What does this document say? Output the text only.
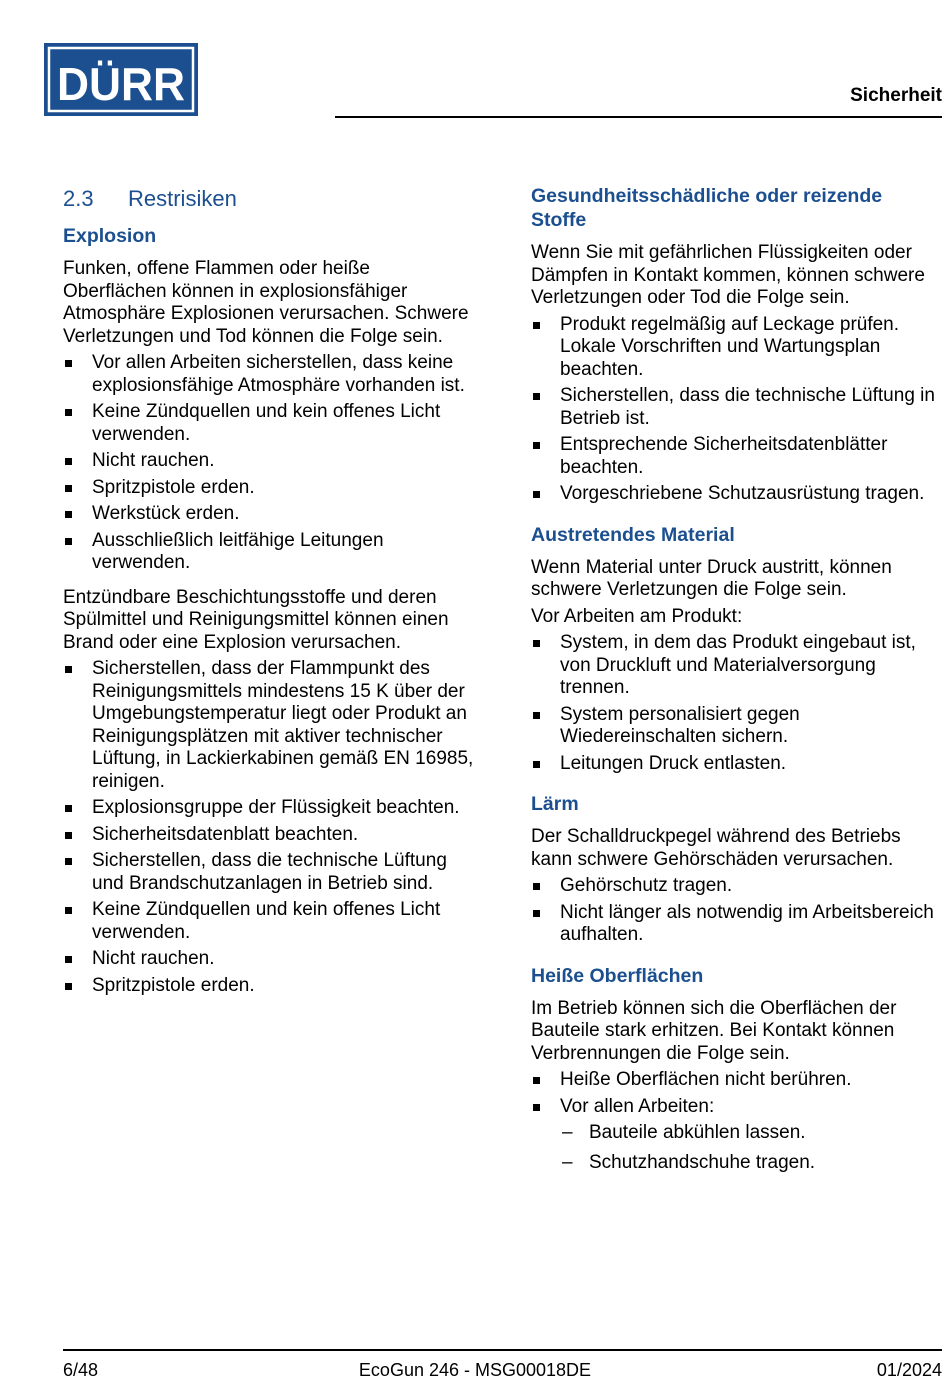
DÜRR	Sicherheit
2.3 Restrisiken
Explosion

Funken, offene Flammen oder heiße Oberflächen können in explosionsfähiger Atmosphäre Explosionen verursachen. Schwere Verletzungen und Tod können die Folge sein.

Vor allen Arbeiten sicherstellen, dass keine explosionsfähige Atmosphäre vorhanden ist.
Keine Zündquellen und kein offenes Licht verwenden.
Nicht rauchen.
Spritzpistole erden.
Werkstück erden.
Ausschließlich leitfähige Leitungen verwenden.

Entzündbare Beschichtungsstoffe und deren Spülmittel und Reinigungsmittel können einen Brand oder eine Explosion verursachen.

Sicherstellen, dass der Flammpunkt des Reinigungsmittels mindestens 15 K über der Umgebungstemperatur liegt oder Produkt an Reinigungsplätzen mit aktiver technischer Lüftung, in Lackierkabinen gemäß EN 16985, reinigen.
Explosionsgruppe der Flüssigkeit beachten.
Sicherheitsdatenblatt beachten.
Sicherstellen, dass die technische Lüftung und Brandschutzanlagen in Betrieb sind.
Keine Zündquellen und kein offenes Licht verwenden.
Nicht rauchen.
Spritzpistole erden.
Gesundheitsschädliche oder reizende Stoffe

Wenn Sie mit gefährlichen Flüssigkeiten oder Dämpfen in Kontakt kommen, können schwere Verletzungen oder Tod die Folge sein.

Produkt regelmäßig auf Leckage prüfen. Lokale Vorschriften und Wartungsplan beachten.
Sicherstellen, dass die technische Lüftung in Betrieb ist.
Entsprechende Sicherheitsdatenblätter beachten.
Vorgeschriebene Schutzausrüstung tragen.
Austretendes Material

Wenn Material unter Druck austritt, können schwere Verletzungen die Folge sein.

Vor Arbeiten am Produkt:

System, in dem das Produkt eingebaut ist, von Druckluft und Materialversorgung trennen.
System personalisiert gegen Wiedereinschalten sichern.
Leitungen Druck entlasten.
Lärm

Der Schalldruckpegel während des Betriebs kann schwere Gehörschäden verursachen.

Gehörschutz tragen.
Nicht länger als notwendig im Arbeitsbereich aufhalten.
Heiße Oberflächen

Im Betrieb können sich die Oberflächen der Bauteile stark erhitzen. Bei Kontakt können Verbrennungen die Folge sein.

Heiße Oberflächen nicht berühren.
Vor allen Arbeiten:
– Bauteile abkühlen lassen.
– Schutzhandschuhe tragen.
EcoGun 246 - MSG00018DE
6/48	01/2024
